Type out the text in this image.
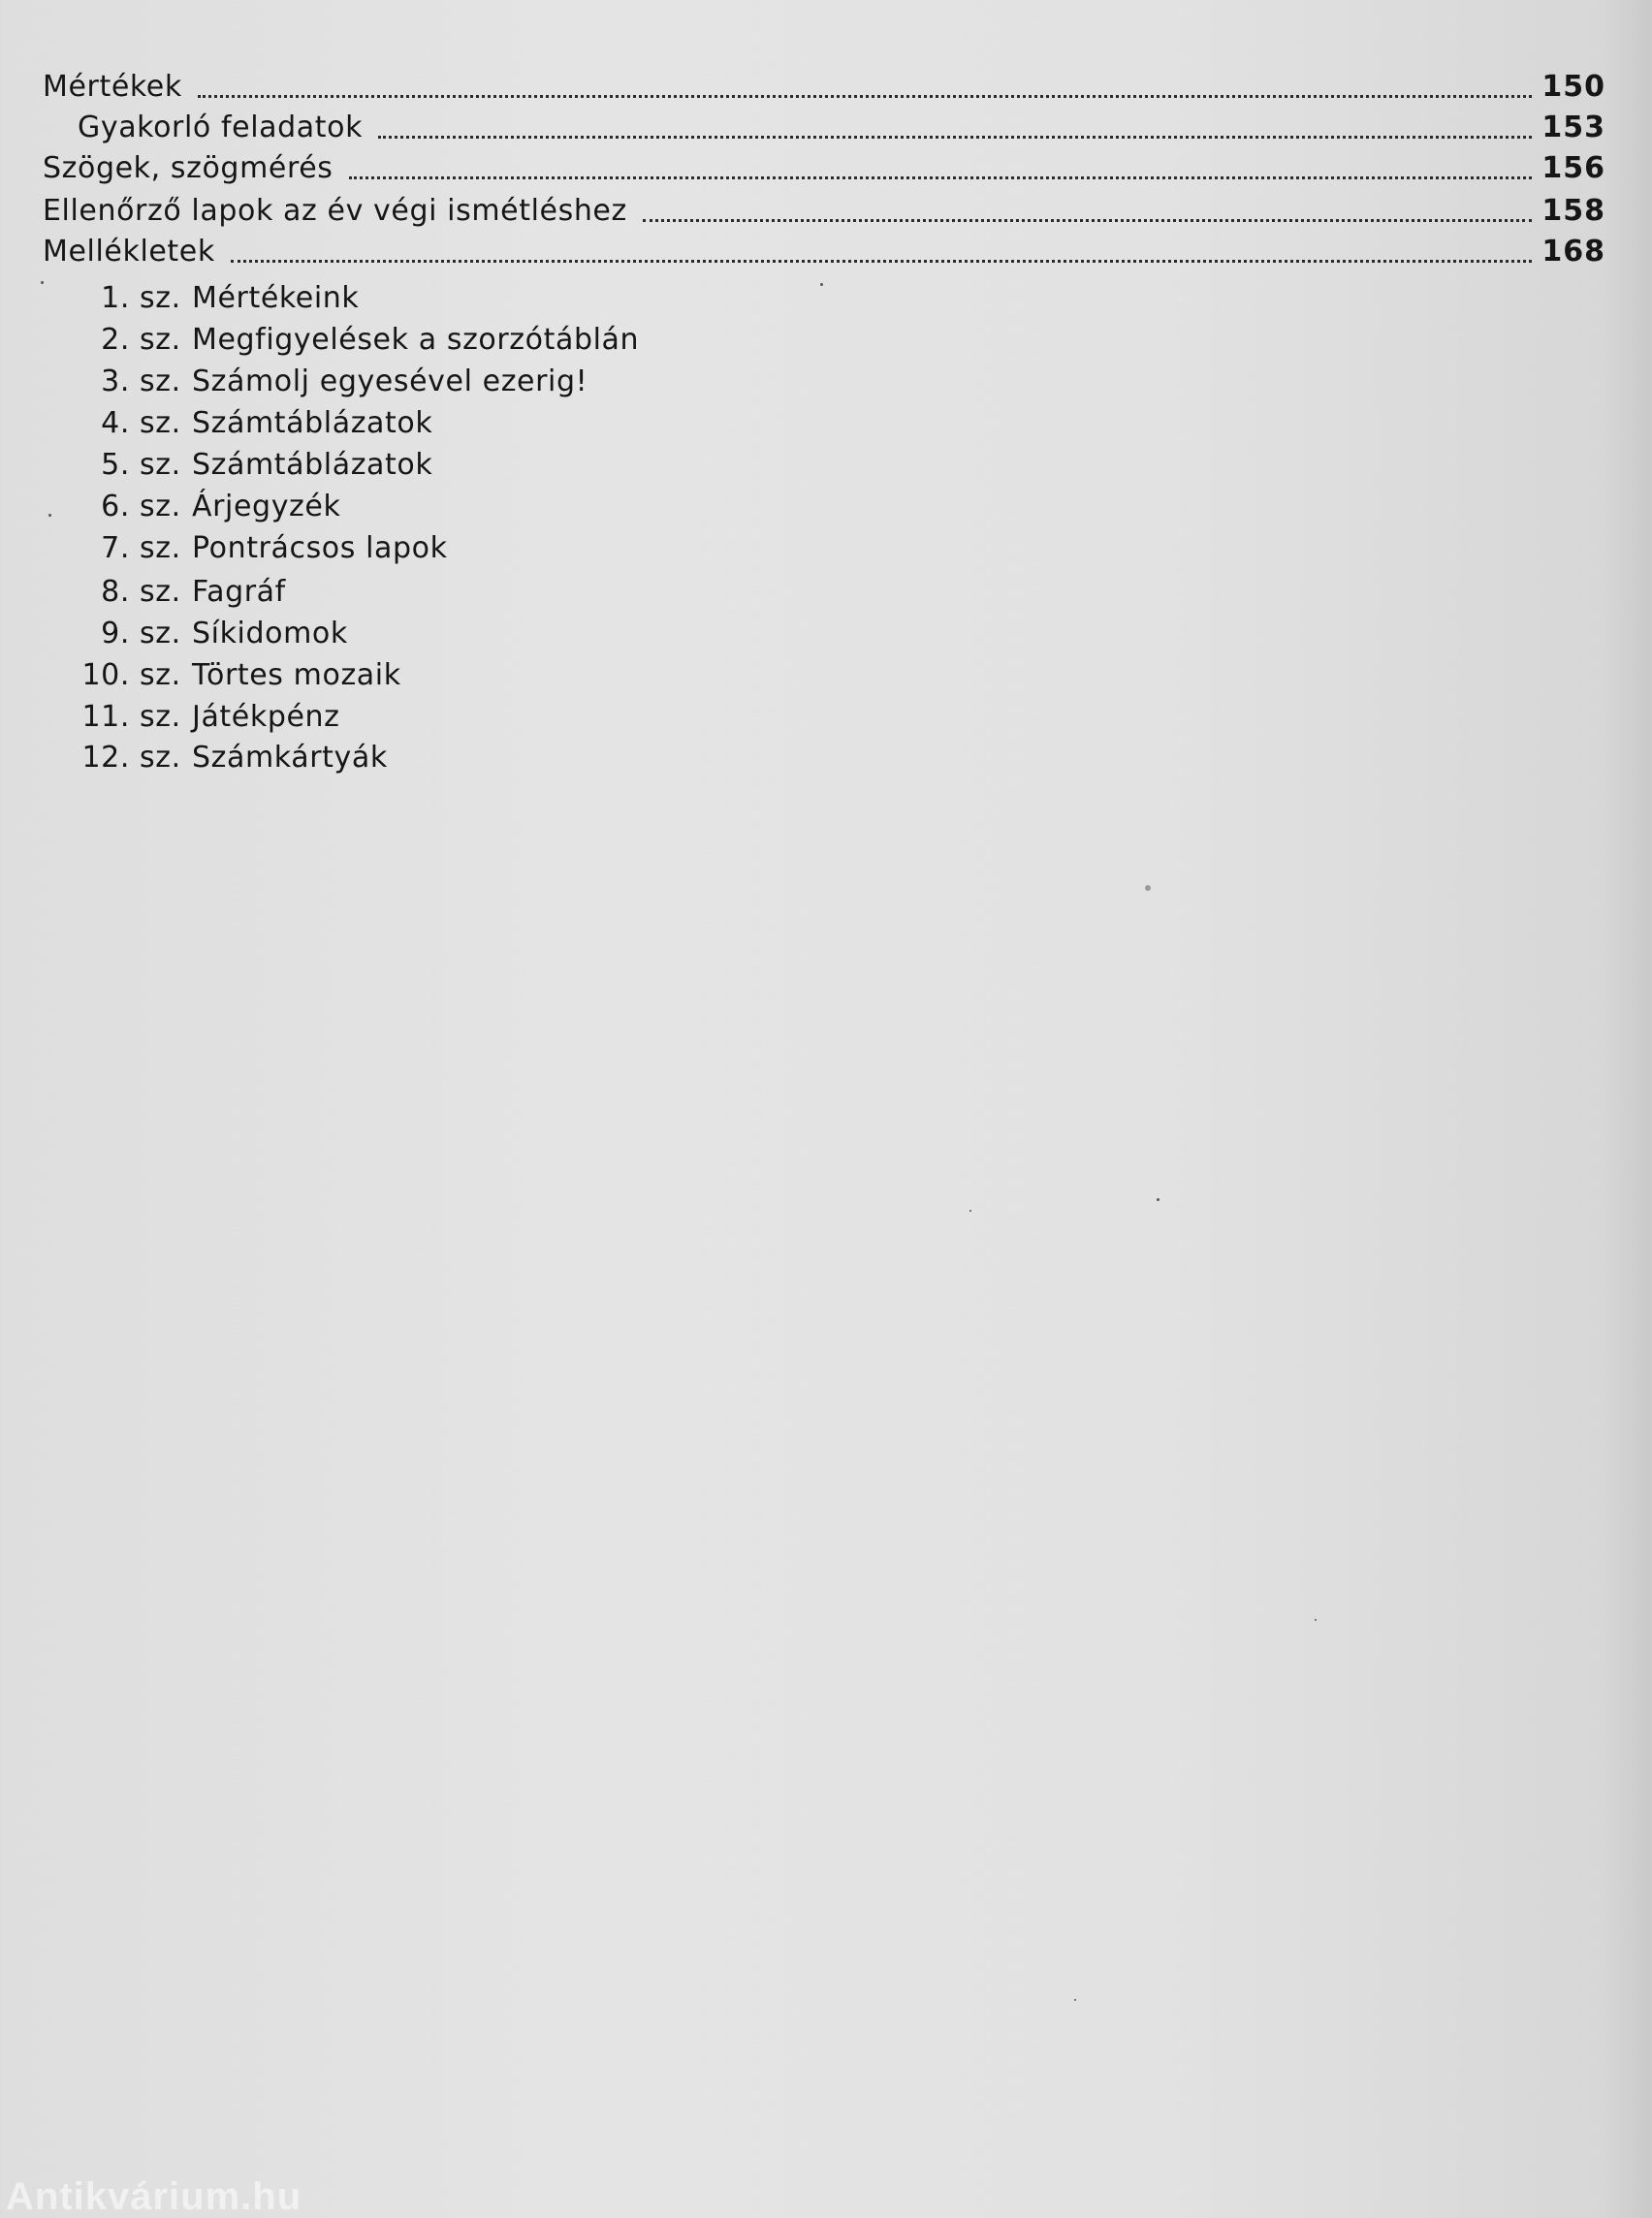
Mértékek	150
Gyakorló feladatok	153
Szögek, szögmérés	156
Ellenőrző lapok az év végi ismétléshez	158
Mellékletek	168
1. sz. Mértékeink
2. sz. Megfigyelések a szorzótáblán
3. sz. Számolj egyesével ezerig!
4. sz. Számtáblázatok
5. sz. Számtáblázatok
6. sz. Árjegyzék
7. sz. Pontrácsos lapok
8. sz. Fagráf
9. sz. Síkidomok
10. sz. Törtes mozaik
11. sz. Játékpénz
12. sz. Számkártyák
Antikvárium.hu
